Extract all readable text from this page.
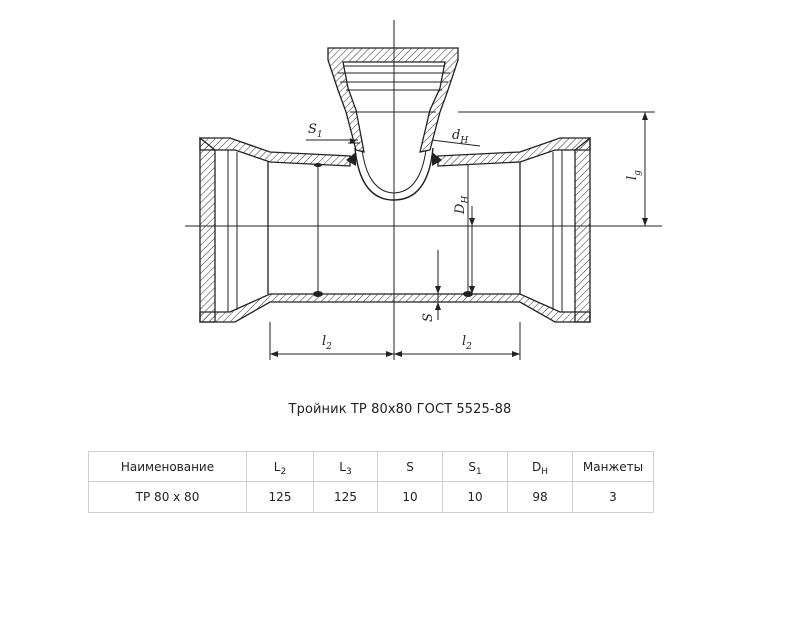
$S_1$	$d_H$
$l_g$
$D_H$
S
$l_2$	$l_2$
Тройник ТР 80х80 ГОСТ 5525-88
Наименование	$L_2$	$L_3$	S	$S_1$	$D_H$	Манжеты
ТР 80 х 80	125	125	10	10	98	3
